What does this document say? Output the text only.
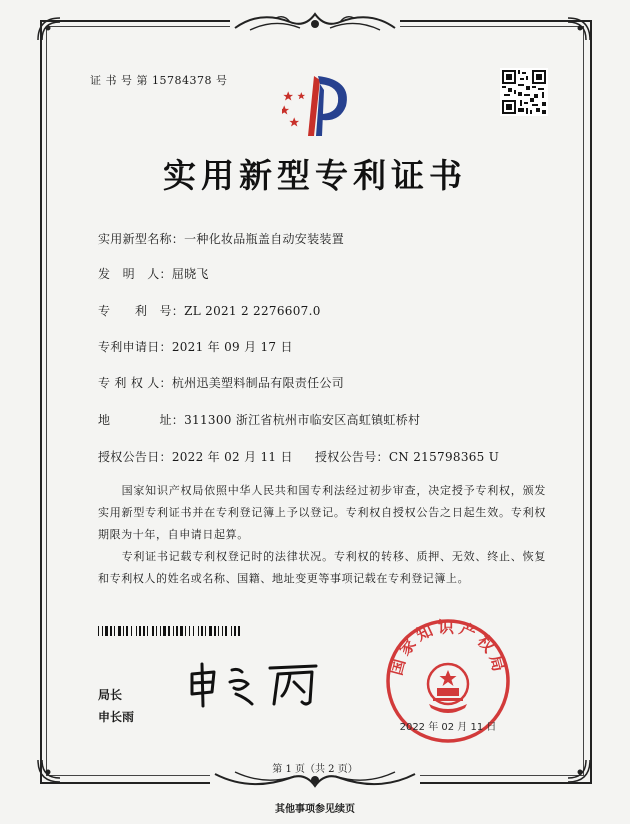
证 书 号 第 15784378 号
实用新型专利证书
实用新型名称：一种化妆品瓶盖自动安装装置
发　明　人：屈晓飞
专　　利　号：ZL 2021 2 2276607.0
专利申请日：2021 年 09 月 17 日
专 利 权 人：杭州迅美塑料制品有限责任公司
地　　　　址：311300 浙江省杭州市临安区高虹镇虹桥村
授权公告日：2022 年 02 月 11 日 授权公告号：CN 215798365 U
　　国家知识产权局依照中华人民共和国专利法经过初步审查，决定授予专利权，颁发实用新型专利证书并在专利登记簿上予以登记。专利权自授权公告之日起生效。专利权期限为十年，自申请日起算。
　　专利证书记载专利权登记时的法律状况。专利权的转移、质押、无效、终止、恢复和专利权人的姓名或名称、国籍、地址变更等事项记载在专利登记簿上。
局长
申长雨
国家知识产权局
2022 年 02 月 11 日
第 1 页（共 2 页）
其他事项参见续页
